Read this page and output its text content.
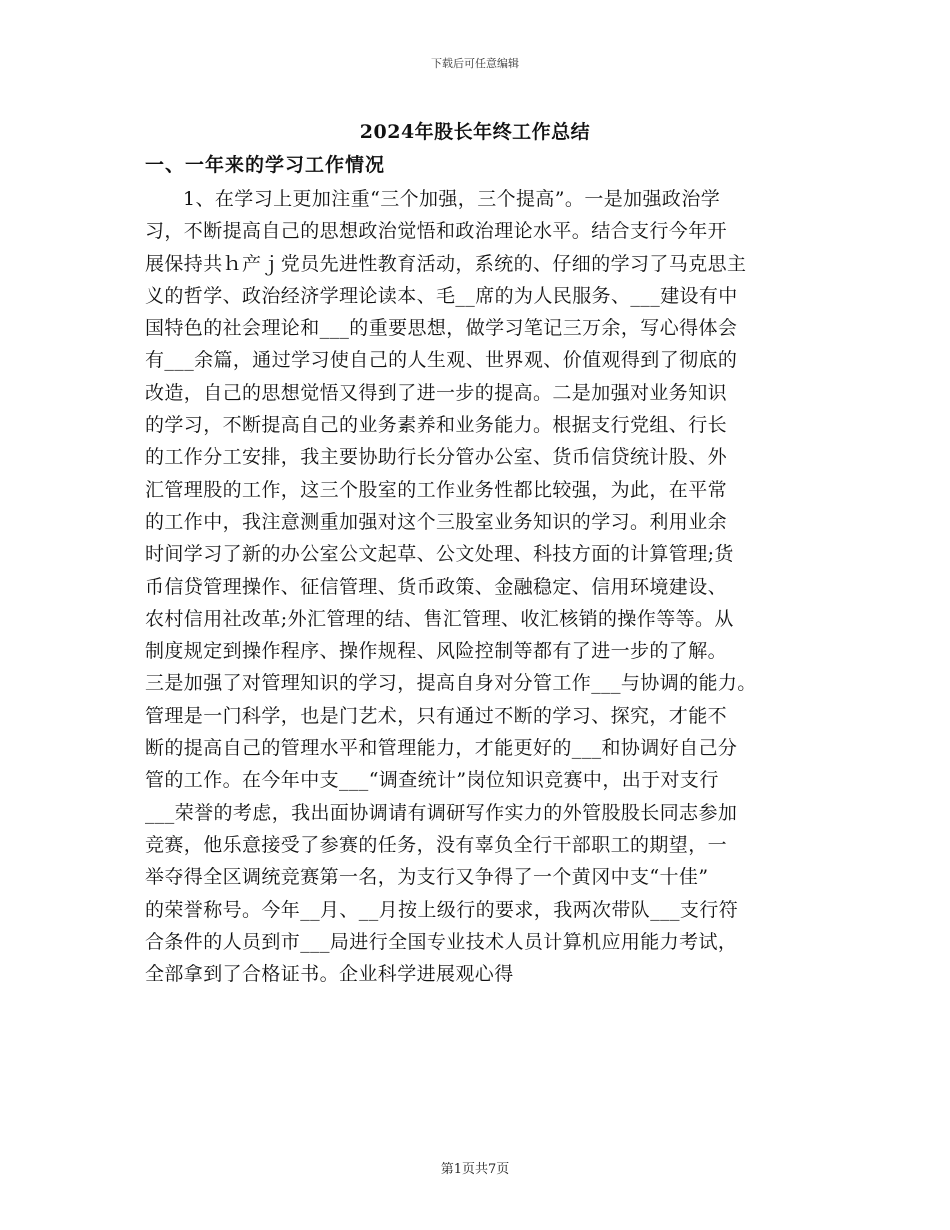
下载后可任意编辑
2024年股长年终工作总结
一、一年来的学习工作情况
1、在学习上更加注重“三个加强，三个提高”。一是加强政治学
习，不断提高自己的思想政治觉悟和政治理论水平。结合支行今年开
展保持共ｈ产ｊ党员先进性教育活动，系统的、仔细的学习了马克思主
义的哲学、政治经济学理论读本、毛__席的为人民服务、___建设有中
国特色的社会理论和___的重要思想，做学习笔记三万余，写心得体会
有___余篇，通过学习使自己的人生观、世界观、价值观得到了彻底的
改造，自己的思想觉悟又得到了进一步的提高。二是加强对业务知识
的学习，不断提高自己的业务素养和业务能力。根据支行党组、行长
的工作分工安排，我主要协助行长分管办公室、货币信贷统计股、外
汇管理股的工作，这三个股室的工作业务性都比较强，为此，在平常
的工作中，我注意测重加强对这个三股室业务知识的学习。利用业余
时间学习了新的办公室公文起草、公文处理、科技方面的计算管理;货
币信贷管理操作、征信管理、货币政策、金融稳定、信用环境建设、
农村信用社改革;外汇管理的结、售汇管理、收汇核销的操作等等。从
制度规定到操作程序、操作规程、风险控制等都有了进一步的了解。
三是加强了对管理知识的学习，提高自身对分管工作___与协调的能力。
管理是一门科学，也是门艺术，只有通过不断的学习、探究，才能不
断的提高自己的管理水平和管理能力，才能更好的___和协调好自己分
管的工作。在今年中支___“调查统计”岗位知识竞赛中，出于对支行
___荣誉的考虑，我出面协调请有调研写作实力的外管股股长同志参加
竞赛，他乐意接受了参赛的任务，没有辜负全行干部职工的期望，一
举夺得全区调统竞赛第一名，为支行又争得了一个黄冈中支“十佳”
的荣誉称号。今年__月、__月按上级行的要求，我两次带队___支行符
合条件的人员到市___局进行全国专业技术人员计算机应用能力考试，
全部拿到了合格证书。企业科学进展观心得
第1页共7页
